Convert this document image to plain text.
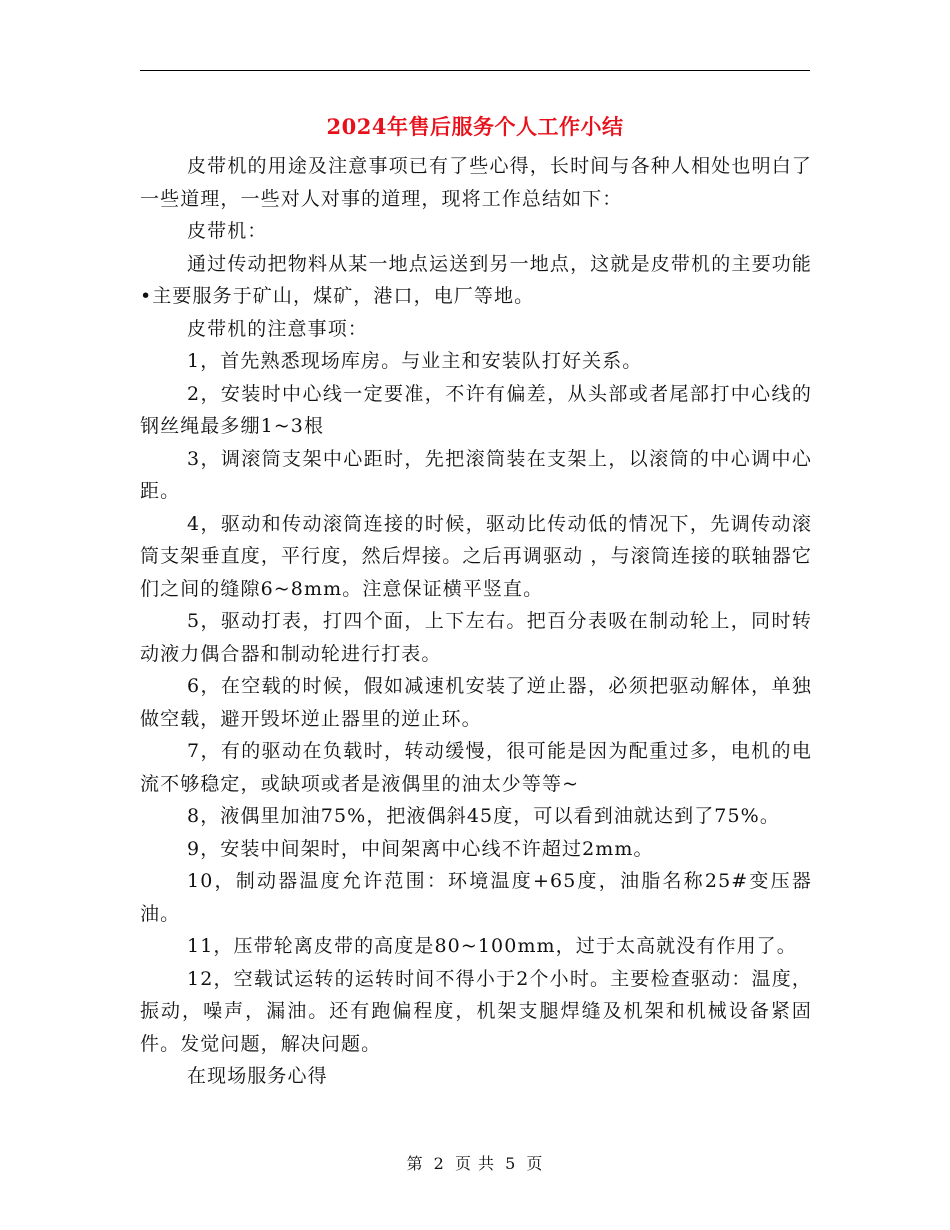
2024年售后服务个人工作小结

皮带机的用途及注意事项已有了些心得，长时间与各种人相处也明白了一些道理，一些对人对事的道理，现将工作总结如下：

皮带机：

通过传动把物料从某一地点运送到另一地点，这就是皮带机的主要功能•主要服务于矿山，煤矿，港口，电厂等地。

皮带机的注意事项：

1，首先熟悉现场库房。与业主和安装队打好关系。

2，安装时中心线一定要准，不许有偏差，从头部或者尾部打中心线的钢丝绳最多绷1~3根

3，调滚筒支架中心距时，先把滚筒装在支架上，以滚筒的中心调中心距。

4，驱动和传动滚筒连接的时候，驱动比传动低的情况下，先调传动滚筒支架垂直度，平行度，然后焊接。之后再调驱动 ，与滚筒连接的联轴器它们之间的缝隙6~8mm。注意保证横平竖直。

5，驱动打表，打四个面，上下左右。把百分表吸在制动轮上，同时转动液力偶合器和制动轮进行打表。

6，在空载的时候，假如减速机安装了逆止器，必须把驱动解体，单独做空载，避开毁坏逆止器里的逆止环。

7，有的驱动在负载时，转动缓慢，很可能是因为配重过多，电机的电流不够稳定，或缺项或者是液偶里的油太少等等~

8，液偶里加油75%，把液偶斜45度，可以看到油就达到了75%。

9，安装中间架时，中间架离中心线不许超过2mm。

10，制动器温度允许范围：环境温度+65度，油脂名称25#变压器油。

11，压带轮离皮带的高度是80~100mm，过于太高就没有作用了。

12，空载试运转的运转时间不得小于2个小时。主要检查驱动：温度，振动，噪声，漏油。还有跑偏程度，机架支腿焊缝及机架和机械设备紧固件。发觉问题，解决问题。

在现场服务心得

第 2 页 共 5 页
